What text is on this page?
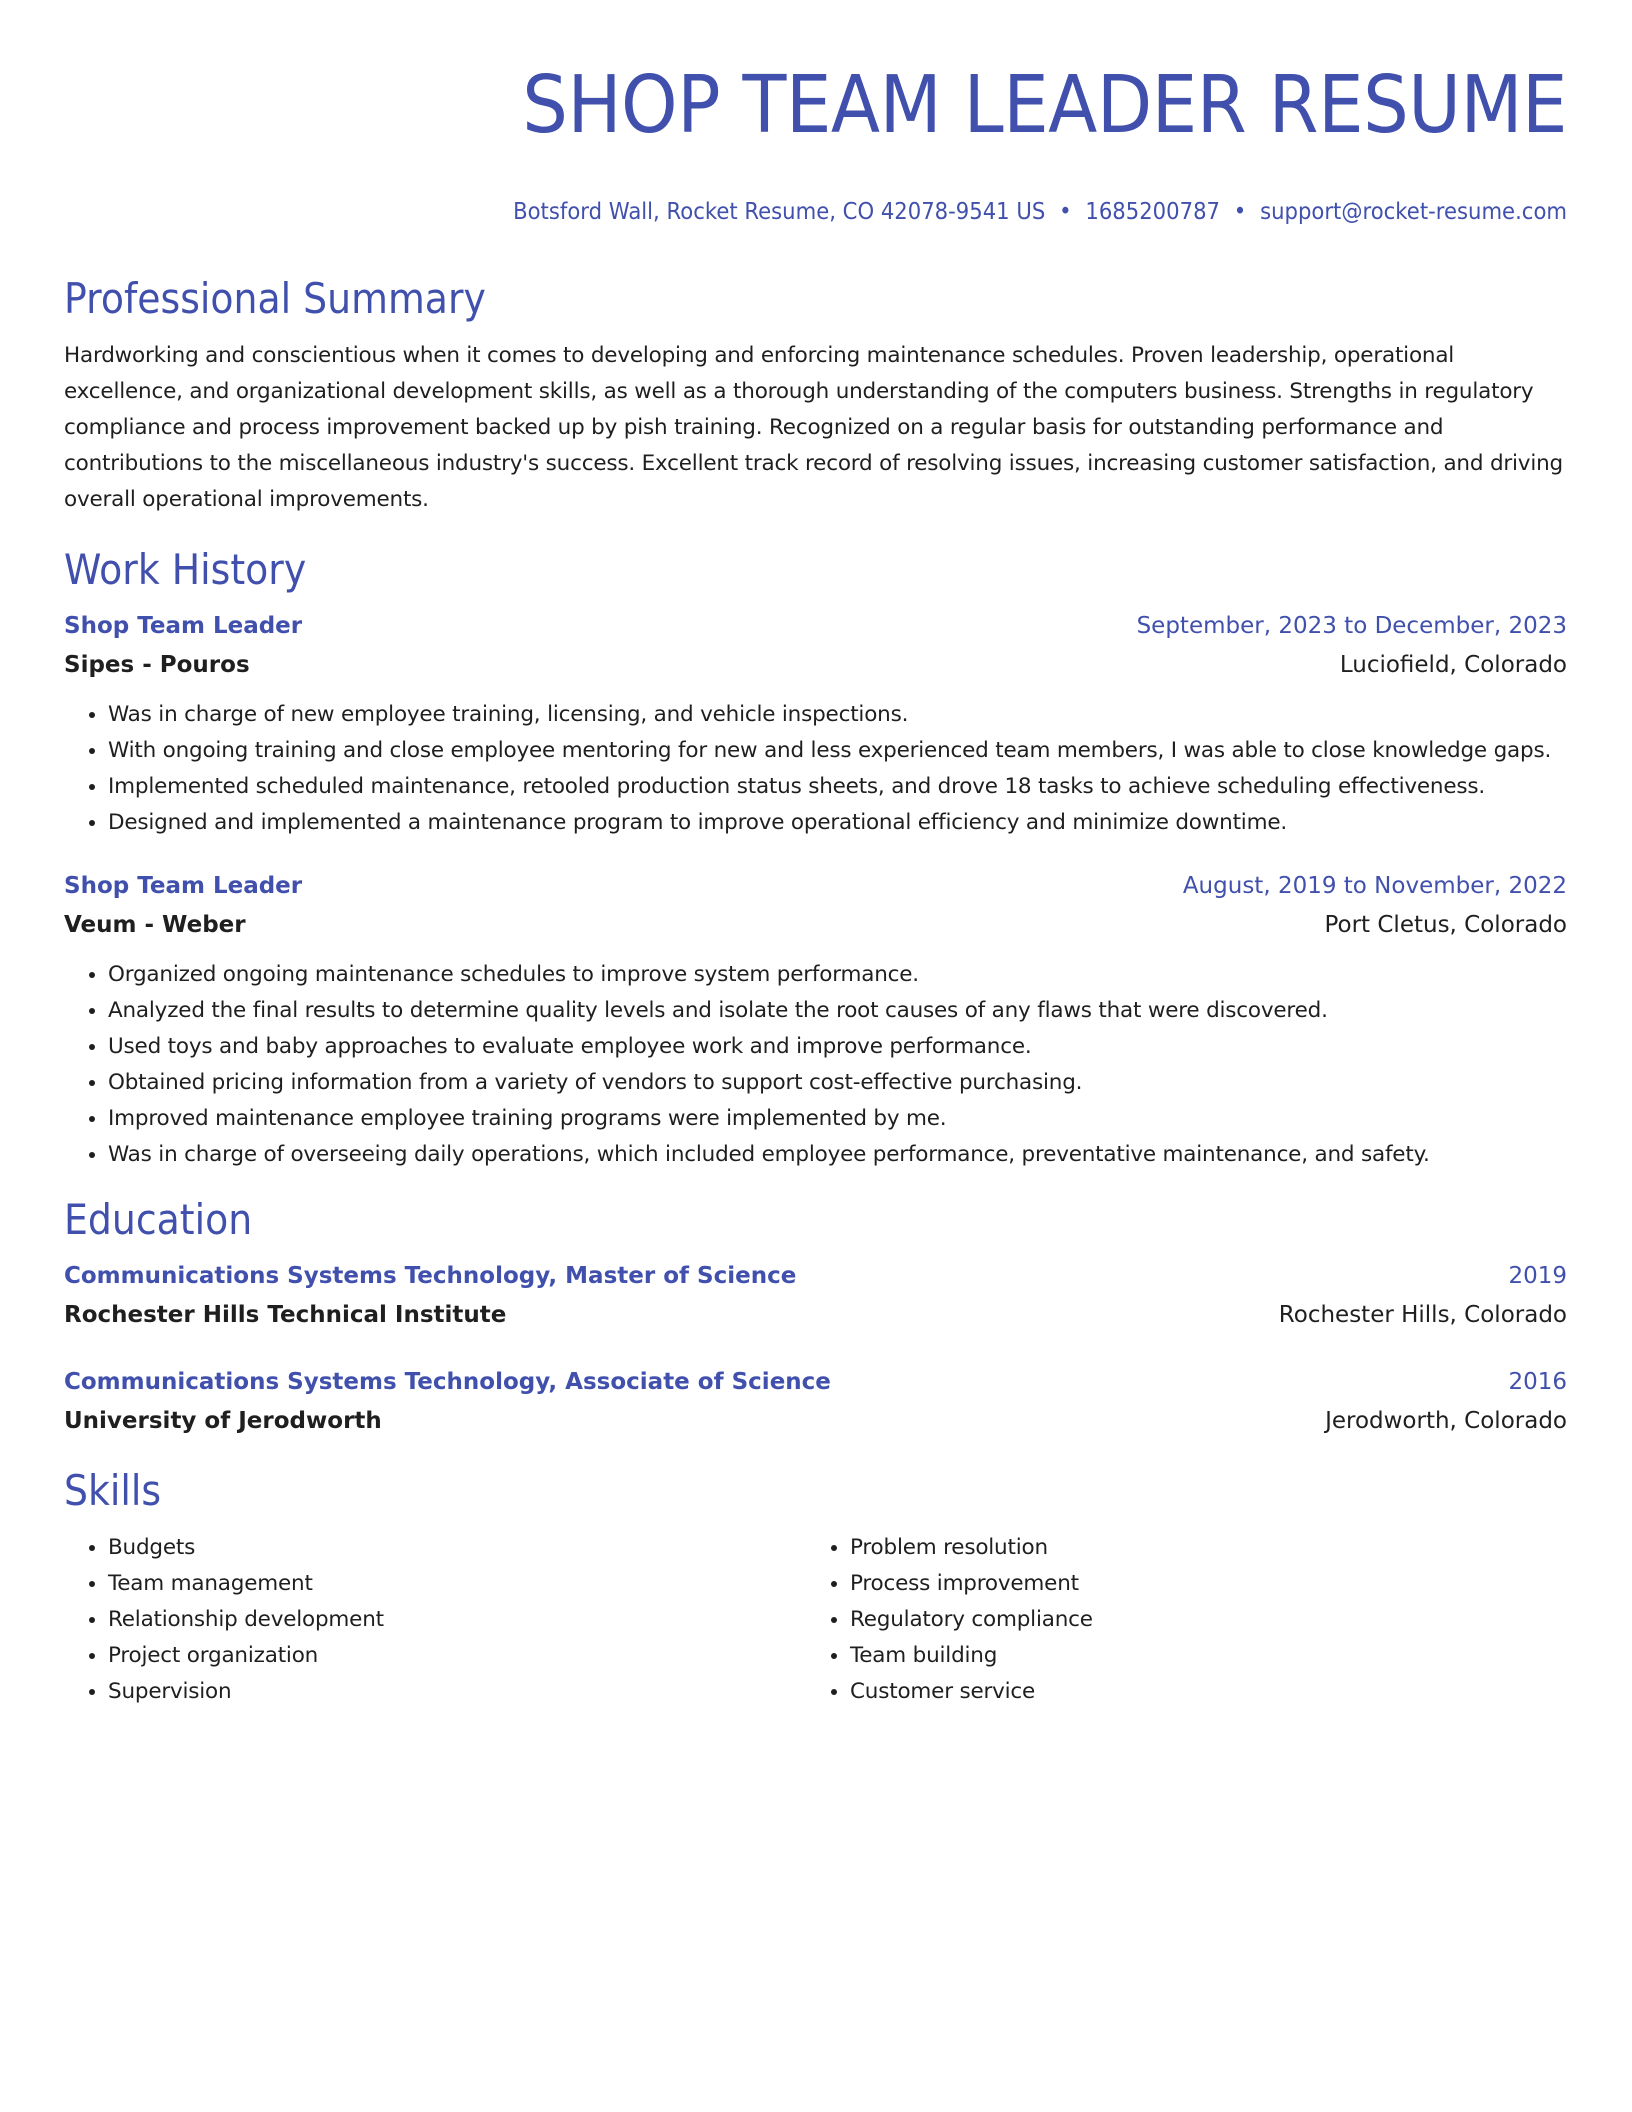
SHOP TEAM LEADER RESUME
Botsford Wall, Rocket Resume, CO 42078-9541 US • 1685200787 • support@rocket-resume.com
Professional Summary
Hardworking and conscientious when it comes to developing and enforcing maintenance schedules. Proven leadership, operational excellence, and organizational development skills, as well as a thorough understanding of the computers business. Strengths in regulatory compliance and process improvement backed up by pish training. Recognized on a regular basis for outstanding performance and contributions to the miscellaneous industry's success. Excellent track record of resolving issues, increasing customer satisfaction, and driving overall operational improvements.
Work History
Shop Team Leader	September, 2023 to December, 2023
Sipes - Pouros	Luciofield, Colorado
• Was in charge of new employee training, licensing, and vehicle inspections.
• With ongoing training and close employee mentoring for new and less experienced team members, I was able to close knowledge gaps.
• Implemented scheduled maintenance, retooled production status sheets, and drove 18 tasks to achieve scheduling effectiveness.
• Designed and implemented a maintenance program to improve operational efficiency and minimize downtime.
Shop Team Leader	August, 2019 to November, 2022
Veum - Weber	Port Cletus, Colorado
• Organized ongoing maintenance schedules to improve system performance.
• Analyzed the final results to determine quality levels and isolate the root causes of any flaws that were discovered.
• Used toys and baby approaches to evaluate employee work and improve performance.
• Obtained pricing information from a variety of vendors to support cost-effective purchasing.
• Improved maintenance employee training programs were implemented by me.
• Was in charge of overseeing daily operations, which included employee performance, preventative maintenance, and safety.
Education
Communications Systems Technology, Master of Science	2019
Rochester Hills Technical Institute	Rochester Hills, Colorado
Communications Systems Technology, Associate of Science	2016
University of Jerodworth	Jerodworth, Colorado
Skills
• Budgets
• Team management
• Relationship development
• Project organization
• Supervision
• Problem resolution
• Process improvement
• Regulatory compliance
• Team building
• Customer service
